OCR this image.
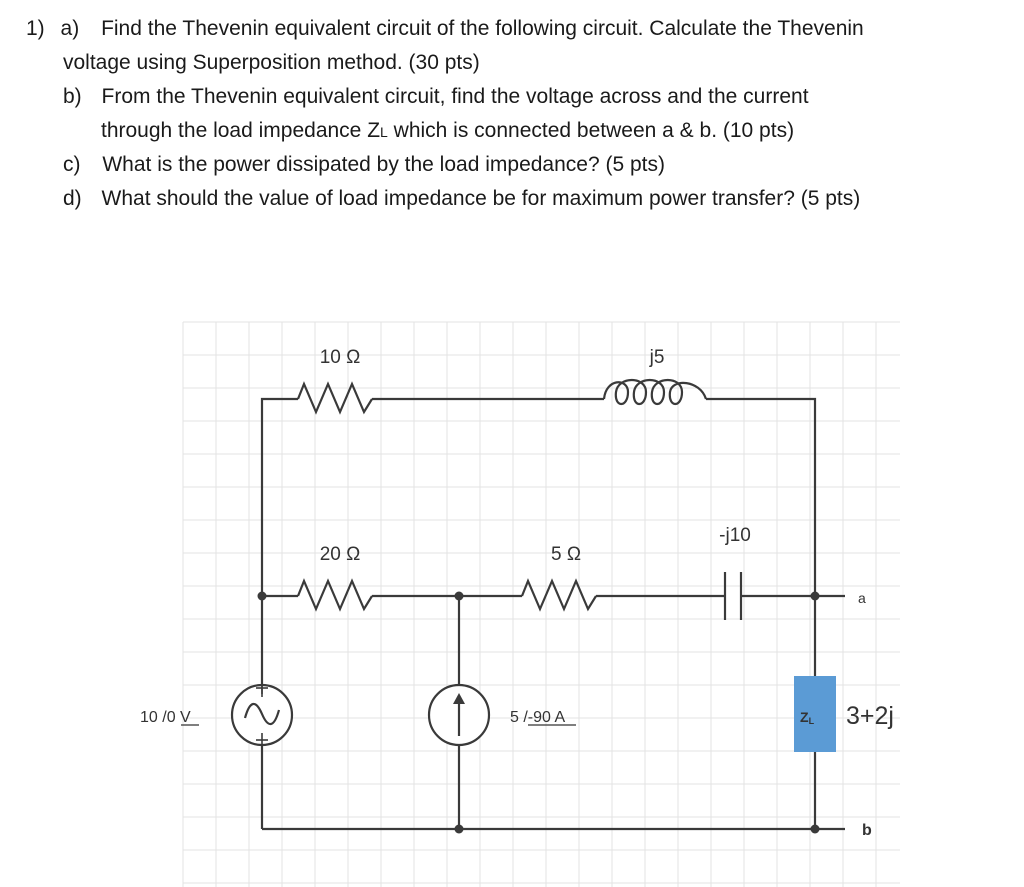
1) a) Find the Thevenin equivalent circuit of the following circuit. Calculate the Thevenin
voltage using Superposition method. (30 pts)
b) From the Thevenin equivalent circuit, find the voltage across and the current
through the load impedance ZL which is connected between a & b. (10 pts)
c) What is the power dissipated by the load impedance? (5 pts)
d) What should the value of load impedance be for maximum power transfer? (5 pts)
10 Ω	j5
20 Ω	5 Ω
-j10
a
b
10 /0 V	5 /-90 A	ZL 3+2j
